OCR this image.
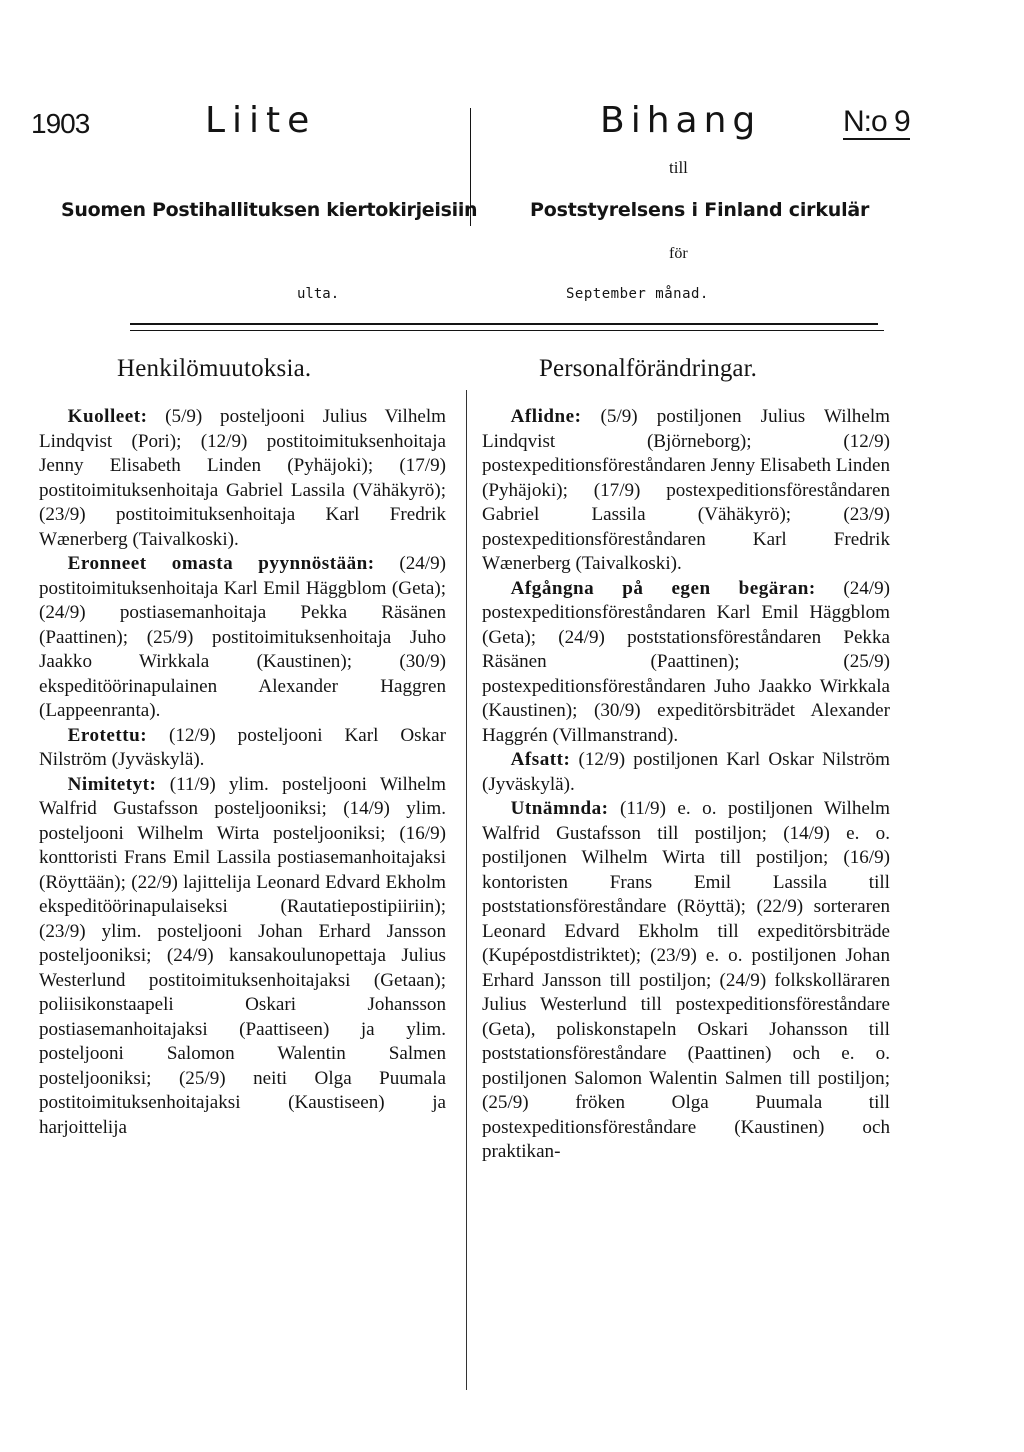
1903	Liite	Bihang	N:o 9
till
Suomen Postihallituksen kiertokirjeisiin	Poststyrelsens i Finland cirkulär
för
ulta.	September månad.
Henkilömuutoksia.	Personalförändringar.

Kuolleet: (5/9) posteljooni Julius Vilhelm Lindqvist (Pori); (12/9) postitoimituksenhoitaja Jenny Elisabeth Linden (Pyhäjoki); (17/9) postitoimituksenhoitaja Gabriel Lassila (Vähäkyrö); (23/9) postitoimituksenhoitaja Karl Fredrik Wænerberg (Taivalkoski).

Eronneet omasta pyynnöstään: (24/9) postitoimituksenhoitaja Karl Emil Häggblom (Geta); (24/9) postiasemanhoitaja Pekka Räsänen (Paattinen); (25/9) postitoimituksenhoitaja Juho Jaakko Wirkkala (Kaustinen); (30/9) ekspeditöörinapulainen Alexander Haggren (Lappeenranta).

Erotettu: (12/9) posteljooni Karl Oskar Nilström (Jyväskylä).

Nimitetyt: (11/9) ylim. posteljooni Wilhelm Walfrid Gustafsson posteljooniksi; (14/9) ylim. posteljooni Wilhelm Wirta posteljooniksi; (16/9) konttoristi Frans Emil Lassila postiasemanhoitajaksi (Röyttään); (22/9) lajittelija Leonard Edvard Ekholm ekspeditöörinapulaiseksi (Rautatiepostipiiriin); (23/9) ylim. posteljooni Johan Erhard Jansson posteljooniksi; (24/9) kansakoulunopettaja Julius Westerlund postitoimituksenhoitajaksi (Getaan); poliisikonstaapeli Oskari Johansson postiasemanhoitajaksi (Paattiseen) ja ylim. posteljooni Salomon Walentin Salmen posteljooniksi; (25/9) neiti Olga Puumala postitoimituksenhoitajaksi (Kaustiseen) ja harjoittelija

Aflidne: (5/9) postiljonen Julius Wilhelm Lindqvist (Björneborg); (12/9) postexpeditionsföreståndaren Jenny Elisabeth Linden (Pyhäjoki); (17/9) postexpeditionsföreståndaren Gabriel Lassila (Vähäkyrö); (23/9) postexpeditionsföreståndaren Karl Fredrik Wænerberg (Taivalkoski).

Afgångna på egen begäran: (24/9) postexpeditionsföreståndaren Karl Emil Häggblom (Geta); (24/9) poststationsföreståndaren Pekka Räsänen (Paattinen); (25/9) postexpeditionsföreståndaren Juho Jaakko Wirkkala (Kaustinen); (30/9) expeditörsbiträdet Alexander Haggrén (Villmanstrand).

Afsatt: (12/9) postiljonen Karl Oskar Nilström (Jyväskylä).

Utnämnda: (11/9) e. o. postiljonen Wilhelm Walfrid Gustafsson till postiljon; (14/9) e. o. postiljonen Wilhelm Wirta till postiljon; (16/9) kontoristen Frans Emil Lassila till poststationsföreståndare (Röyttä); (22/9) sorteraren Leonard Edvard Ekholm till expeditörsbiträde (Kupépostdistriktet); (23/9) e. o. postiljonen Johan Erhard Jansson till postiljon; (24/9) folkskolläraren Julius Westerlund till postexpeditionsföreståndare (Geta), poliskonstapeln Oskari Johansson till poststationsföreståndare (Paattinen) och e. o. postiljonen Salomon Walentin Salmen till postiljon; (25/9) fröken Olga Puumala till postexpeditionsföreståndare (Kaustinen) och praktikan-
